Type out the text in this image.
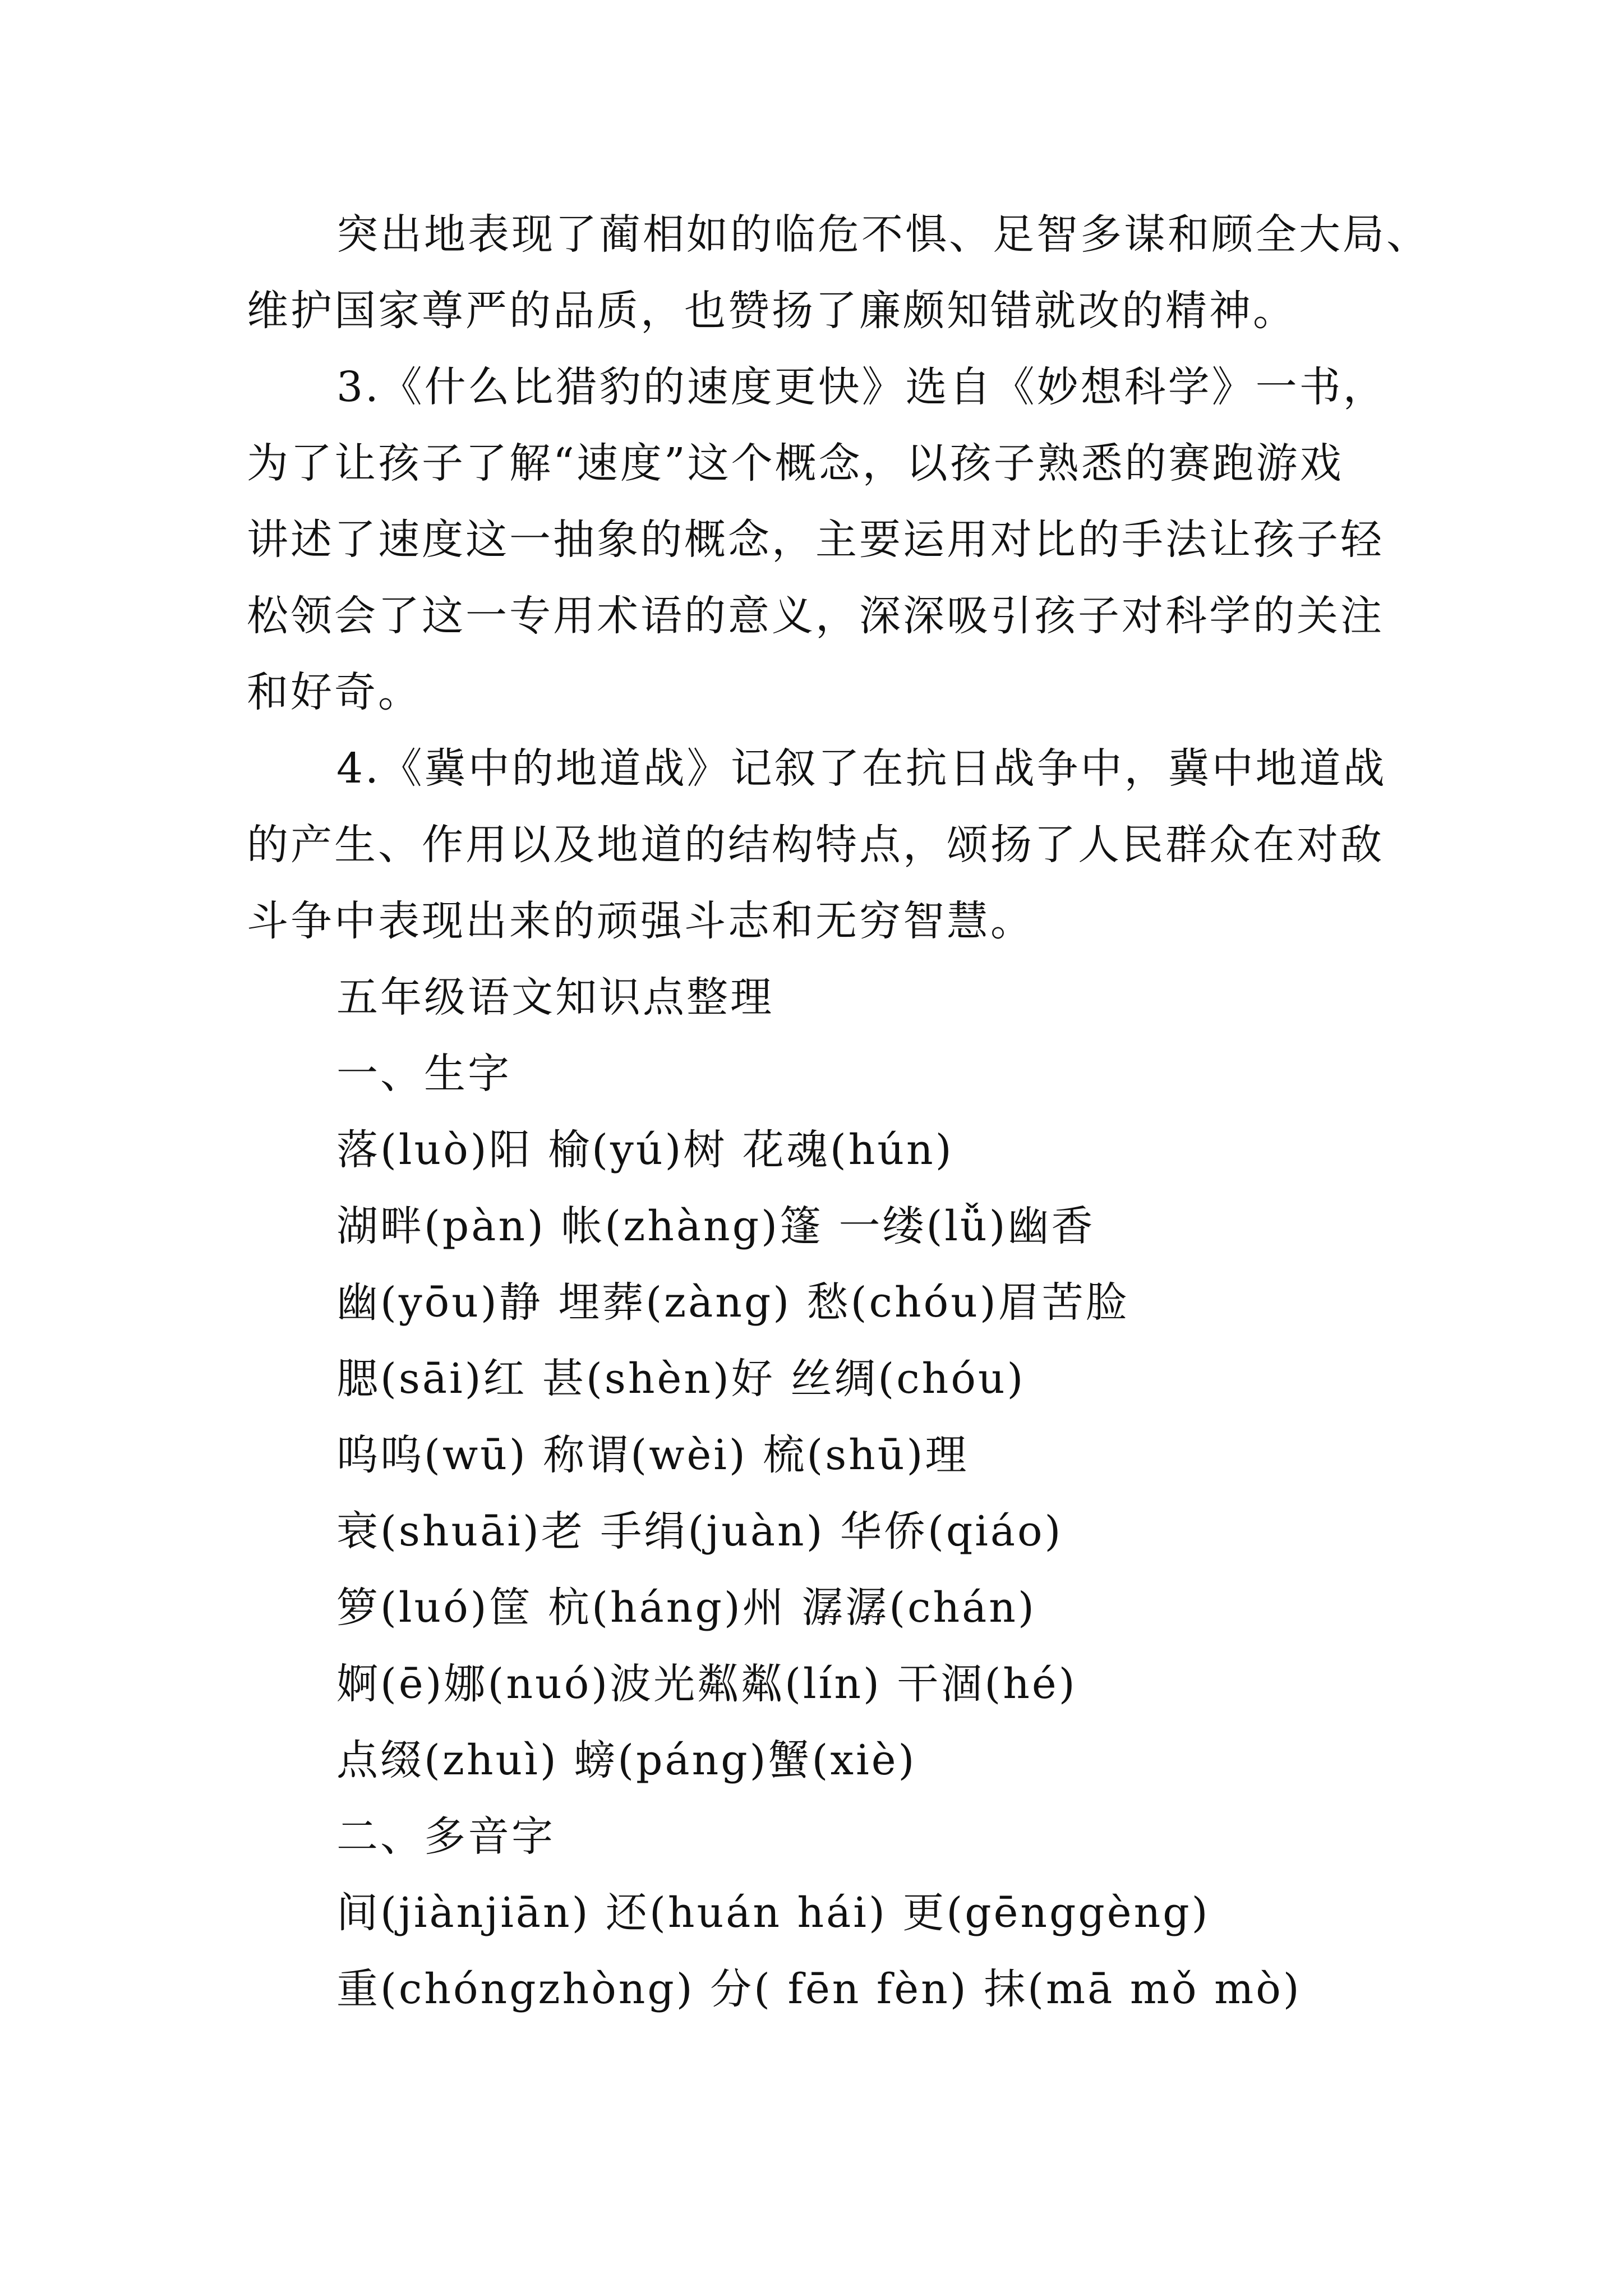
突出地表现了蔺相如的临危不惧、足智多谋和顾全大局、
维护国家尊严的品质，也赞扬了廉颇知错就改的精神。
3.《什么比猎豹的速度更快》选自《妙想科学》一书，
为了让孩子了解“速度”这个概念，以孩子熟悉的赛跑游戏
讲述了速度这一抽象的概念，主要运用对比的手法让孩子轻
松领会了这一专用术语的意义，深深吸引孩子对科学的关注
和好奇。
4.《冀中的地道战》记叙了在抗日战争中，冀中地道战
的产生、作用以及地道的结构特点，颂扬了人民群众在对敌
斗争中表现出来的顽强斗志和无穷智慧。
五年级语文知识点整理
一、生字
落(luò)阳 榆(yú)树 花魂(hún)
湖畔(pàn) 帐(zhàng)篷 一缕(lǚ)幽香
幽(yōu)静 埋葬(zàng) 愁(chóu)眉苦脸
腮(sāi)红 甚(shèn)好 丝绸(chóu)
呜呜(wū) 称谓(wèi) 梳(shū)理
衰(shuāi)老 手绢(juàn) 华侨(qiáo)
箩(luó)筐 杭(háng)州 潺潺(chán)
婀(ē)娜(nuó)波光粼粼(lín) 干涸(hé)
点缀(zhuì) 螃(páng)蟹(xiè)
二、多音字
间(jiànjiān) 还(huán hái) 更(gēnggèng)
重(chóngzhòng) 分( fēn fèn) 抹(mā mǒ mò)
